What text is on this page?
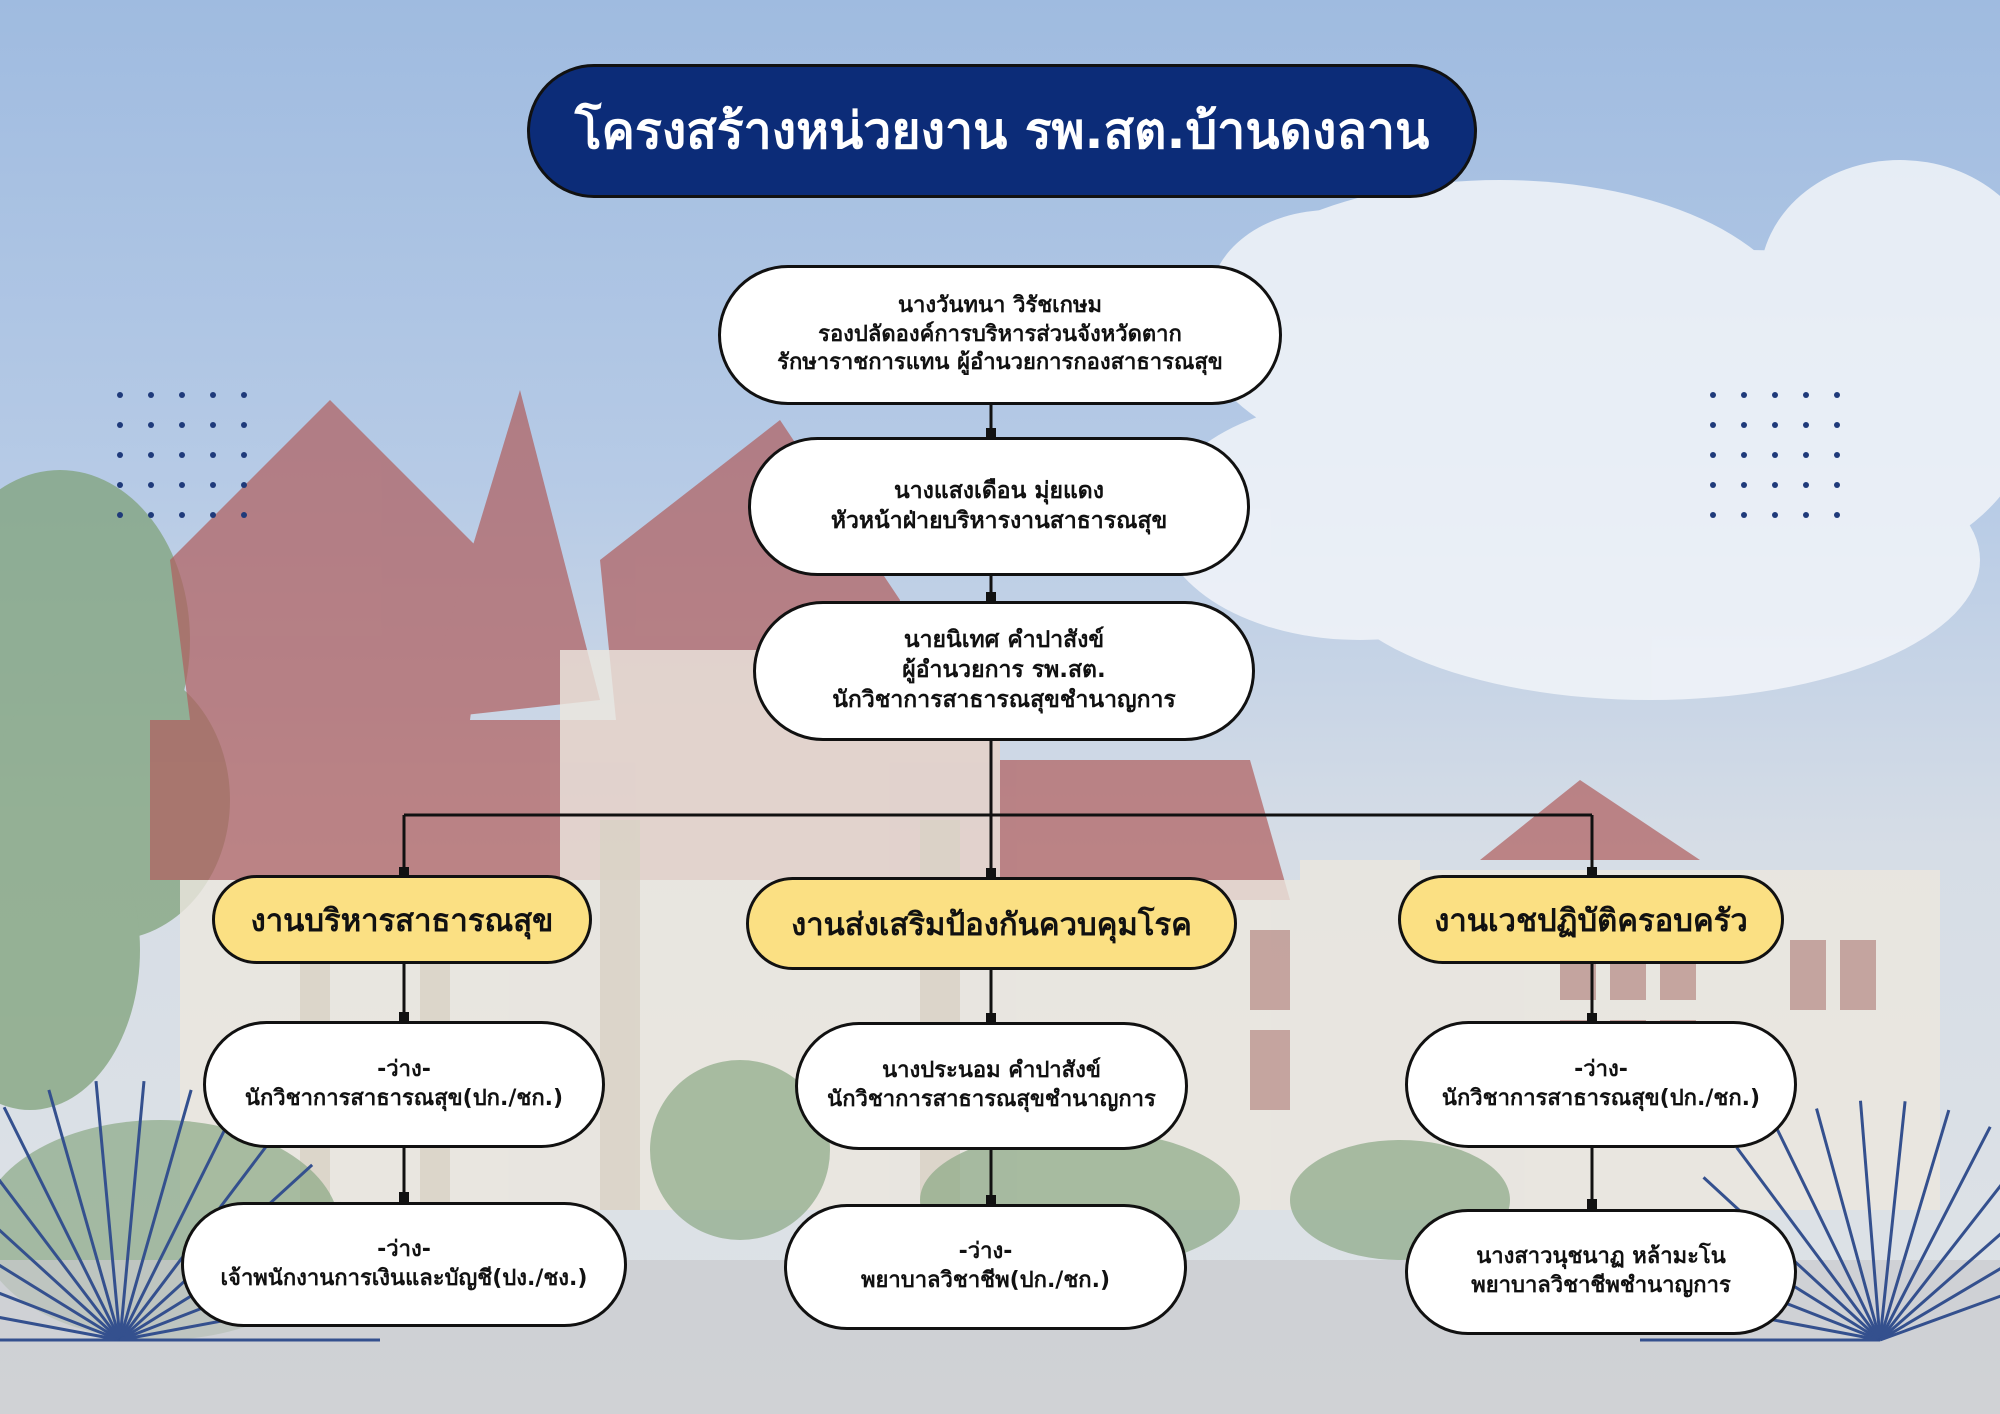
โครงสร้างหน่วยงาน รพ.สต.บ้านดงลาน
นางวันทนา วิรัชเกษม
รองปลัดองค์การบริหารส่วนจังหวัดตาก
รักษาราชการแทน ผู้อำนวยการกองสาธารณสุข
นางแสงเดือน มุ่ยแดง
หัวหน้าฝ่ายบริหารงานสาธารณสุข
นายนิเทศ คำปาสังข์
ผู้อำนวยการ รพ.สต.
นักวิชาการสาธารณสุขชำนาญการ
งานบริหารสาธารณสุข	งานส่งเสริมป้องกันควบคุมโรค	งานเวชปฏิบัติครอบครัว
-ว่าง-
นักวิชาการสาธารณสุข(ปก./ชก.)
-ว่าง-
เจ้าพนักงานการเงินและบัญชี(ปง./ชง.)
นางประนอม คำปาสังข์
นักวิชาการสาธารณสุขชำนาญการ
-ว่าง-
พยาบาลวิชาชีพ(ปก./ชก.)
-ว่าง-
นักวิชาการสาธารณสุข(ปก./ชก.)
นางสาวนุชนาฏ หล้ามะโน
พยาบาลวิชาชีพชำนาญการ
